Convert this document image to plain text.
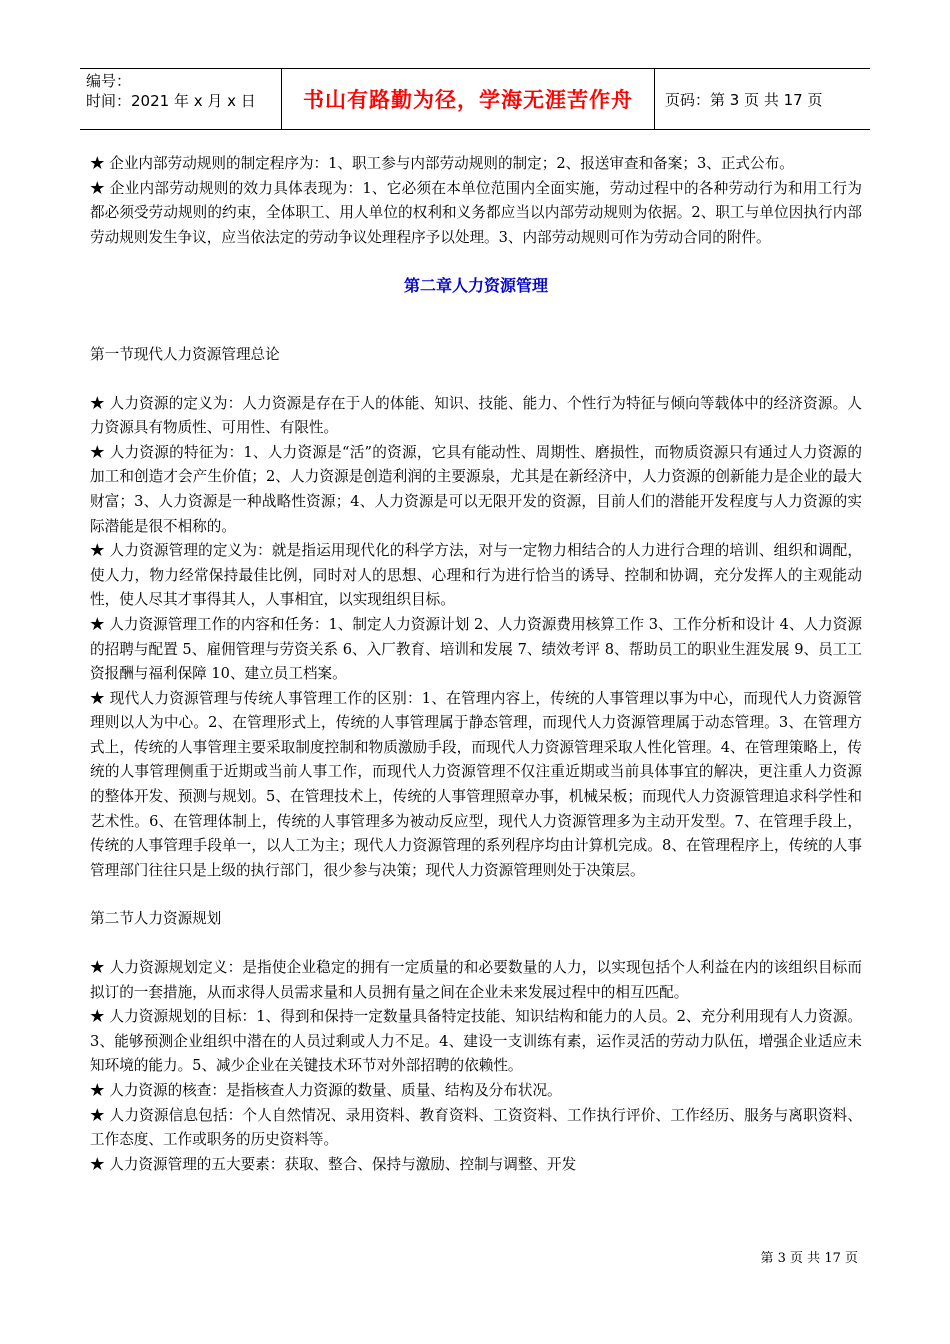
编号：
时间：2021 年 x 月 x 日	书山有路勤为径，学海无涯苦作舟	页码：第 3 页 共 17 页

★ 企业内部劳动规则的制定程序为：1、职工参与内部劳动规则的制定；2、报送审查和备案；3、正式公布。

★ 企业内部劳动规则的效力具体表现为：1、它必须在本单位范围内全面实施，劳动过程中的各种劳动行为和用工行为都必须受劳动规则的约束，全体职工、用人单位的权利和义务都应当以内部劳动规则为依据。2、职工与单位因执行内部劳动规则发生争议，应当依法定的劳动争议处理程序予以处理。3、内部劳动规则可作为劳动合同的附件。

第二章人力资源管理

第一节现代人力资源管理总论

★ 人力资源的定义为：人力资源是存在于人的体能、知识、技能、能力、个性行为特征与倾向等载体中的经济资源。人力资源具有物质性、可用性、有限性。

★ 人力资源的特征为：1、人力资源是“活”的资源，它具有能动性、周期性、磨损性，而物质资源只有通过人力资源的加工和创造才会产生价值；2、人力资源是创造利润的主要源泉，尤其是在新经济中，人力资源的创新能力是企业的最大财富；3、人力资源是一种战略性资源；4、人力资源是可以无限开发的资源，目前人们的潜能开发程度与人力资源的实际潜能是很不相称的。

★ 人力资源管理的定义为：就是指运用现代化的科学方法，对与一定物力相结合的人力进行合理的培训、组织和调配，使人力，物力经常保持最佳比例，同时对人的思想、心理和行为进行恰当的诱导、控制和协调，充分发挥人的主观能动性，使人尽其才事得其人，人事相宜，以实现组织目标。

★ 人力资源管理工作的内容和任务：1、制定人力资源计划 2、人力资源费用核算工作 3、工作分析和设计 4、人力资源的招聘与配置 5、雇佣管理与劳资关系 6、入厂教育、培训和发展 7、绩效考评 8、帮助员工的职业生涯发展 9、员工工资报酬与福利保障 10、建立员工档案。

★ 现代人力资源管理与传统人事管理工作的区别：1、在管理内容上，传统的人事管理以事为中心，而现代人力资源管理则以人为中心。2、在管理形式上，传统的人事管理属于静态管理，而现代人力资源管理属于动态管理。3、在管理方式上，传统的人事管理主要采取制度控制和物质激励手段，而现代人力资源管理采取人性化管理。4、在管理策略上，传统的人事管理侧重于近期或当前人事工作，而现代人力资源管理不仅注重近期或当前具体事宜的解决，更注重人力资源的整体开发、预测与规划。5、在管理技术上，传统的人事管理照章办事，机械呆板；而现代人力资源管理追求科学性和艺术性。6、在管理体制上，传统的人事管理多为被动反应型，现代人力资源管理多为主动开发型。7、在管理手段上，传统的人事管理手段单一，以人工为主；现代人力资源管理的系列程序均由计算机完成。8、在管理程序上，传统的人事管理部门往往只是上级的执行部门，很少参与决策；现代人力资源管理则处于决策层。

第二节人力资源规划

★ 人力资源规划定义：是指使企业稳定的拥有一定质量的和必要数量的人力，以实现包括个人利益在内的该组织目标而拟订的一套措施，从而求得人员需求量和人员拥有量之间在企业未来发展过程中的相互匹配。

★ 人力资源规划的目标：1、得到和保持一定数量具备特定技能、知识结构和能力的人员。2、充分利用现有人力资源。3、能够预测企业组织中潜在的人员过剩或人力不足。4、建设一支训练有素，运作灵活的劳动力队伍，增强企业适应未知环境的能力。5、减少企业在关键技术环节对外部招聘的依赖性。

★ 人力资源的核查：是指核查人力资源的数量、质量、结构及分布状况。

★ 人力资源信息包括：个人自然情况、录用资料、教育资料、工资资料、工作执行评价、工作经历、服务与离职资料、工作态度、工作或职务的历史资料等。

★ 人力资源管理的五大要素：获取、整合、保持与激励、控制与调整、开发

第 3 页 共 17 页
